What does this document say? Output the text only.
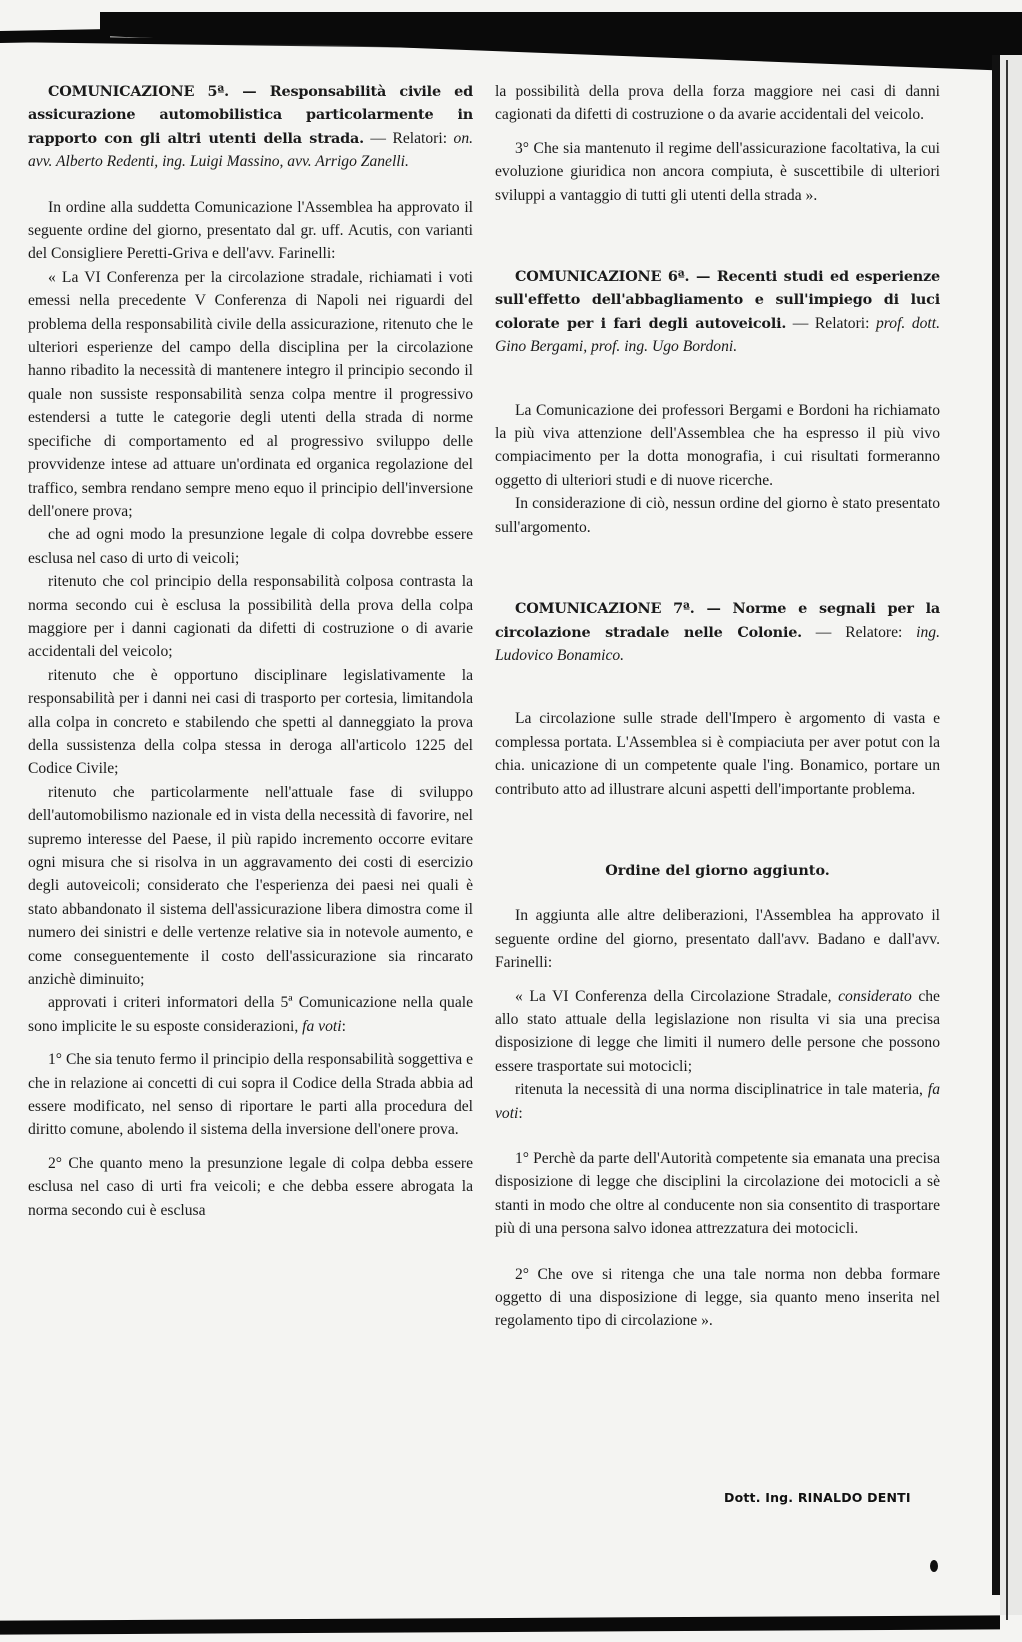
COMUNICAZIONE 5ª. — Responsabilità civile ed assicurazione automobilistica particolarmente in rapporto con gli altri utenti della strada. — Relatori: on. avv. Alberto Redenti, ing. Luigi Massino, avv. Arrigo Zanelli.

In ordine alla suddetta Comunicazione l'Assemblea ha approvato il seguente ordine del giorno, presentato dal gr. uff. Acutis, con varianti del Consigliere Peretti-Griva e dell'avv. Farinelli:

« La VI Conferenza per la circolazione stradale, richiamati i voti emessi nella precedente V Conferenza di Napoli nei riguardi del problema della responsabilità civile della assicurazione, ritenuto che le ulteriori esperienze del campo della disciplina per la circolazione hanno ribadito la necessità di mantenere integro il principio secondo il quale non sussiste responsabilità senza colpa mentre il progressivo estendersi a tutte le categorie degli utenti della strada di norme specifiche di comportamento ed al progressivo sviluppo delle provvidenze intese ad attuare un'ordinata ed organica regolazione del traffico, sembra rendano sempre meno equo il principio dell'inversione dell'onere prova;

che ad ogni modo la presunzione legale di colpa dovrebbe essere esclusa nel caso di urto di veicoli;

ritenuto che col principio della responsabilità colposa contrasta la norma secondo cui è esclusa la possibilità della prova della colpa maggiore per i danni cagionati da difetti di costruzione o di avarie accidentali del veicolo;

ritenuto che è opportuno disciplinare legislativamente la responsabilità per i danni nei casi di trasporto per cortesia, limitandola alla colpa in concreto e stabilendo che spetti al danneggiato la prova della sussistenza della colpa stessa in deroga all'articolo 1225 del Codice Civile;

ritenuto che particolarmente nell'attuale fase di sviluppo dell'automobilismo nazionale ed in vista della necessità di favorire, nel supremo interesse del Paese, il più rapido incremento occorre evitare ogni misura che si risolva in un aggravamento dei costi di esercizio degli autoveicoli; considerato che l'esperienza dei paesi nei quali è stato abbandonato il sistema dell'assicurazione libera dimostra come il numero dei sinistri e delle vertenze relative sia in notevole aumento, e come conseguentemente il costo dell'assicurazione sia rincarato anzichè diminuito;

approvati i criteri informatori della 5ª Comunicazione nella quale sono implicite le su esposte considerazioni, fa voti:

1° Che sia tenuto fermo il principio della responsabilità soggettiva e che in relazione ai concetti di cui sopra il Codice della Strada abbia ad essere modificato, nel senso di riportare le parti alla procedura del diritto comune, abolendo il sistema della inversione dell'onere prova.

2° Che quanto meno la presunzione legale di colpa debba essere esclusa nel caso di urti fra veicoli; e che debba essere abrogata la norma secondo cui è esclusa

la possibilità della prova della forza maggiore nei casi di danni cagionati da difetti di costruzione o da avarie accidentali del veicolo.

3° Che sia mantenuto il regime dell'assicurazione facoltativa, la cui evoluzione giuridica non ancora compiuta, è suscettibile di ulteriori sviluppi a vantaggio di tutti gli utenti della strada ».

COMUNICAZIONE 6ª. — Recenti studi ed esperienze sull'effetto dell'abbagliamento e sull'impiego di luci colorate per i fari degli autoveicoli. — Relatori: prof. dott. Gino Bergami, prof. ing. Ugo Bordoni.

La Comunicazione dei professori Bergami e Bordoni ha richiamato la più viva attenzione dell'Assemblea che ha espresso il più vivo compiacimento per la dotta monografia, i cui risultati formeranno oggetto di ulteriori studi e di nuove ricerche.

In considerazione di ciò, nessun ordine del giorno è stato presentato sull'argomento.

COMUNICAZIONE 7ª. — Norme e segnali per la circolazione stradale nelle Colonie. — Relatore: ing. Ludovico Bonamico.

La circolazione sulle strade dell'Impero è argomento di vasta e complessa portata. L'Assemblea si è compiaciuta per aver potut con la chia. unicazione di un competente quale l'ing. Bonamico, portare un contributo atto ad illustrare alcuni aspetti dell'importante problema.

Ordine del giorno aggiunto.

In aggiunta alle altre deliberazioni, l'Assemblea ha approvato il seguente ordine del giorno, presentato dall'avv. Badano e dall'avv. Farinelli:

« La VI Conferenza della Circolazione Stradale, considerato che allo stato attuale della legislazione non risulta vi sia una precisa disposizione di legge che limiti il numero delle persone che possono essere trasportate sui motocicli;

ritenuta la necessità di una norma disciplinatrice in tale materia, fa voti:

1° Perchè da parte dell'Autorità competente sia emanata una precisa disposizione di legge che disciplini la circolazione dei motocicli a sè stanti in modo che oltre al conducente non sia consentito di trasportare più di una persona salvo idonea attrezzatura dei motocicli.

2° Che ove si ritenga che una tale norma non debba formare oggetto di una disposizione di legge, sia quanto meno inserita nel regolamento tipo di circolazione ».

Dott. Ing. RINALDO DENTI
